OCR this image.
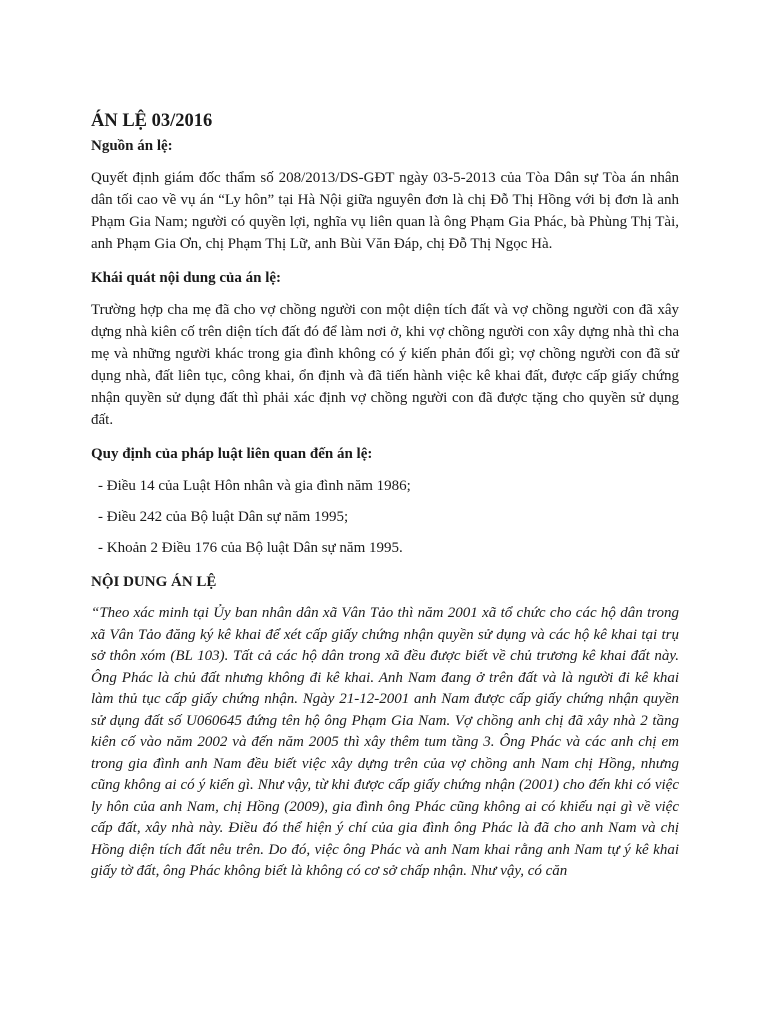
ÁN LỆ 03/2016

Nguồn án lệ:

Quyết định giám đốc thẩm số 208/2013/DS-GĐT ngày 03-5-2013 của Tòa Dân sự Tòa án nhân dân tối cao về vụ án “Ly hôn” tại Hà Nội giữa nguyên đơn là chị Đỗ Thị Hồng với bị đơn là anh Phạm Gia Nam; người có quyền lợi, nghĩa vụ liên quan là ông Phạm Gia Phác, bà Phùng Thị Tài, anh Phạm Gia Ơn, chị Phạm Thị Lữ, anh Bùi Văn Đáp, chị Đỗ Thị Ngọc Hà.

Khái quát nội dung của án lệ:

Trường hợp cha mẹ đã cho vợ chồng người con một diện tích đất và vợ chồng người con đã xây dựng nhà kiên cố trên diện tích đất đó để làm nơi ở, khi vợ chồng người con xây dựng nhà thì cha mẹ và những người khác trong gia đình không có ý kiến phản đối gì; vợ chồng người con đã sử dụng nhà, đất liên tục, công khai, ổn định và đã tiến hành việc kê khai đất, được cấp giấy chứng nhận quyền sử dụng đất thì phải xác định vợ chồng người con đã được tặng cho quyền sử dụng đất.

Quy định của pháp luật liên quan đến án lệ:

- Điều 14 của Luật Hôn nhân và gia đình năm 1986;
- Điều 242 của Bộ luật Dân sự năm 1995;
- Khoản 2 Điều 176 của Bộ luật Dân sự năm 1995.

NỘI DUNG ÁN LỆ

“Theo xác minh tại Ủy ban nhân dân xã Vân Tảo thì năm 2001 xã tổ chức cho các hộ dân trong xã Vân Tảo đăng ký kê khai để xét cấp giấy chứng nhận quyền sử dụng và các hộ kê khai tại trụ sở thôn xóm (BL 103). Tất cả các hộ dân trong xã đều được biết về chủ trương kê khai đất này. Ông Phác là chủ đất nhưng không đi kê khai. Anh Nam đang ở trên đất và là người đi kê khai làm thủ tục cấp giấy chứng nhận. Ngày 21-12-2001 anh Nam được cấp giấy chứng nhận quyền sử dụng đất số U060645 đứng tên hộ ông Phạm Gia Nam. Vợ chồng anh chị đã xây nhà 2 tầng kiên cố vào năm 2002 và đến năm 2005 thì xây thêm tum tầng 3. Ông Phác và các anh chị em trong gia đình anh Nam đều biết việc xây dựng trên của vợ chồng anh Nam chị Hồng, nhưng cũng không ai có ý kiến gì. Như vậy, từ khi được cấp giấy chứng nhận (2001) cho đến khi có việc ly hôn của anh Nam, chị Hồng (2009), gia đình ông Phác cũng không ai có khiếu nại gì về việc cấp đất, xây nhà này. Điều đó thể hiện ý chí của gia đình ông Phác là đã cho anh Nam và chị Hồng diện tích đất nêu trên. Do đó, việc ông Phác và anh Nam khai rằng anh Nam tự ý kê khai giấy tờ đất, ông Phác không biết là không có cơ sở chấp nhận. Như vậy, có căn
